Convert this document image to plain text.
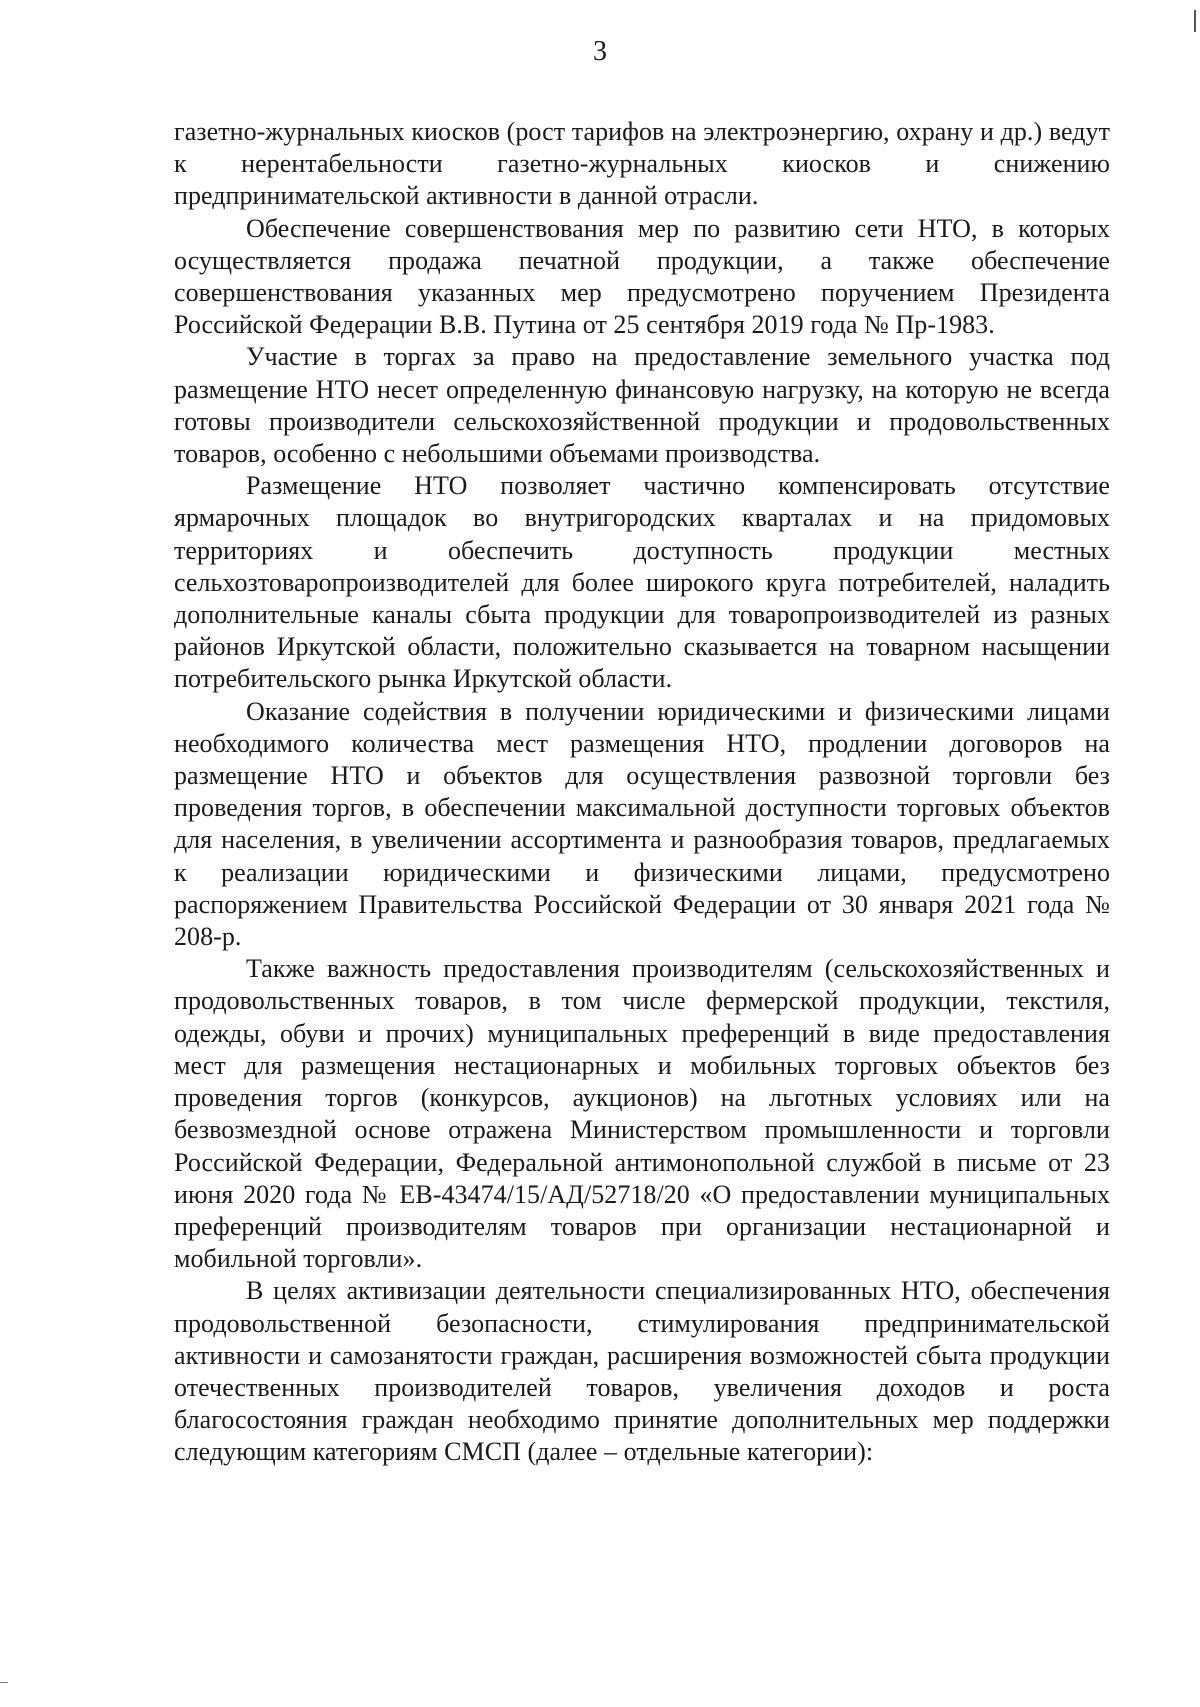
3

газетно-журнальных киосков (рост тарифов на электроэнергию, охрану и др.) ведут к нерентабельности газетно-журнальных киосков и снижению предпринимательской активности в данной отрасли.

Обеспечение совершенствования мер по развитию сети НТО, в которых осуществляется продажа печатной продукции, а также обеспечение совершенствования указанных мер предусмотрено поручением Президента Российской Федерации В.В. Путина от 25 сентября 2019 года № Пр-1983.

Участие в торгах за право на предоставление земельного участка под размещение НТО несет определенную финансовую нагрузку, на которую не всегда готовы производители сельскохозяйственной продукции и продовольственных товаров, особенно с небольшими объемами производства.

Размещение НТО позволяет частично компенсировать отсутствие ярмарочных площадок во внутригородских кварталах и на придомовых территориях и обеспечить доступность продукции местных сельхозтоваропроизводителей для более широкого круга потребителей, наладить дополнительные каналы сбыта продукции для товаропроизводителей из разных районов Иркутской области, положительно сказывается на товарном насыщении потребительского рынка Иркутской области.

Оказание содействия в получении юридическими и физическими лицами необходимого количества мест размещения НТО, продлении договоров на размещение НТО и объектов для осуществления развозной торговли без проведения торгов, в обеспечении максимальной доступности торговых объектов для населения, в увеличении ассортимента и разнообразия товаров, предлагаемых к реализации юридическими и физическими лицами, предусмотрено распоряжением Правительства Российской Федерации от 30 января 2021 года № 208-р.

Также важность предоставления производителям (сельскохозяйственных и продовольственных товаров, в том числе фермерской продукции, текстиля, одежды, обуви и прочих) муниципальных преференций в виде предоставления мест для размещения нестационарных и мобильных торговых объектов без проведения торгов (конкурсов, аукционов) на льготных условиях или на безвозмездной основе отражена Министерством промышленности и торговли Российской Федерации, Федеральной антимонопольной службой в письме от 23 июня 2020 года № ЕВ-43474/15/АД/52718/20 «О предоставлении муниципальных преференций производителям товаров при организации нестационарной и мобильной торговли».

В целях активизации деятельности специализированных НТО, обеспечения продовольственной безопасности, стимулирования предпринимательской активности и самозанятости граждан, расширения возможностей сбыта продукции отечественных производителей товаров, увеличения доходов и роста благосостояния граждан необходимо принятие дополнительных мер поддержки следующим категориям СМСП (далее – отдельные категории):
